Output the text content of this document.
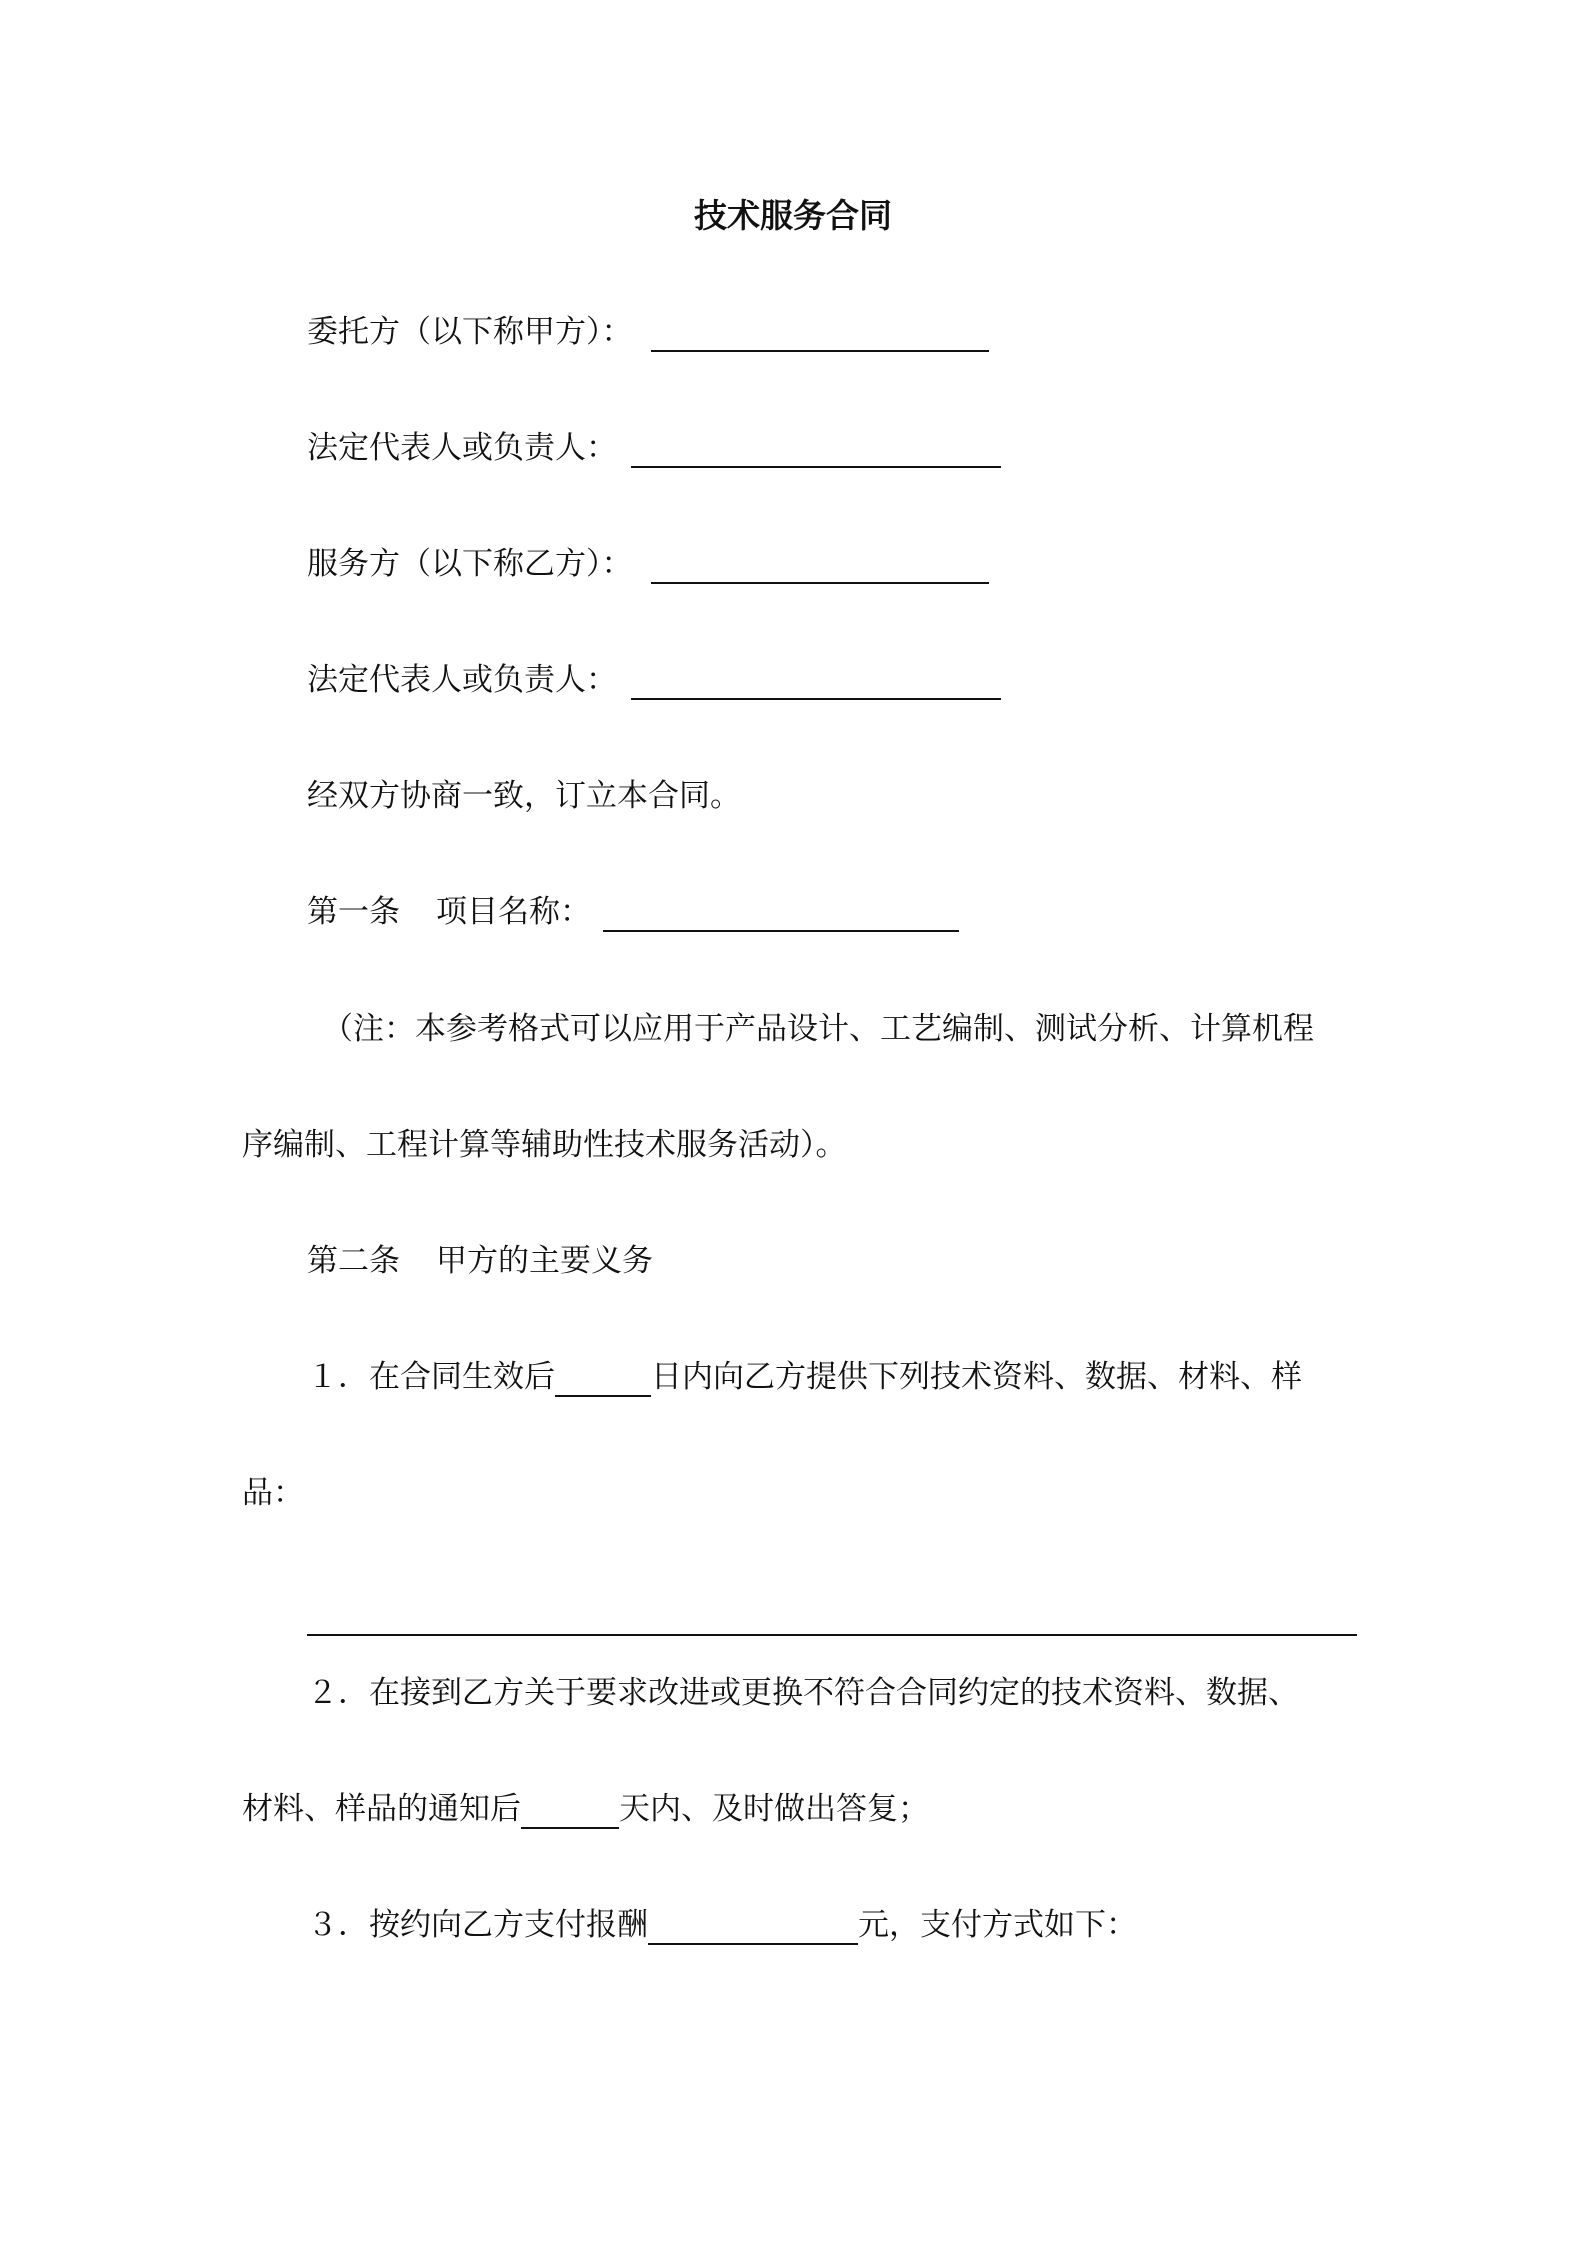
技术服务合同
委托方（以下称甲方）：
法定代表人或负责人：
服务方（以下称乙方）：
法定代表人或负责人：
经双方协商一致，订立本合同。
第一条 项目名称：
（注：本参考格式可以应用于产品设计、工艺编制、测试分析、计算机程
序编制、工程计算等辅助性技术服务活动）。
第二条 甲方的主要义务
１．在合同生效后	日内向乙方提供下列技术资料、数据、材料、样
品：
２．在接到乙方关于要求改进或更换不符合合同约定的技术资料、数据、
材料、样品的通知后	天内、及时做出答复；
３．按约向乙方支付报酬	元，支付方式如下：
